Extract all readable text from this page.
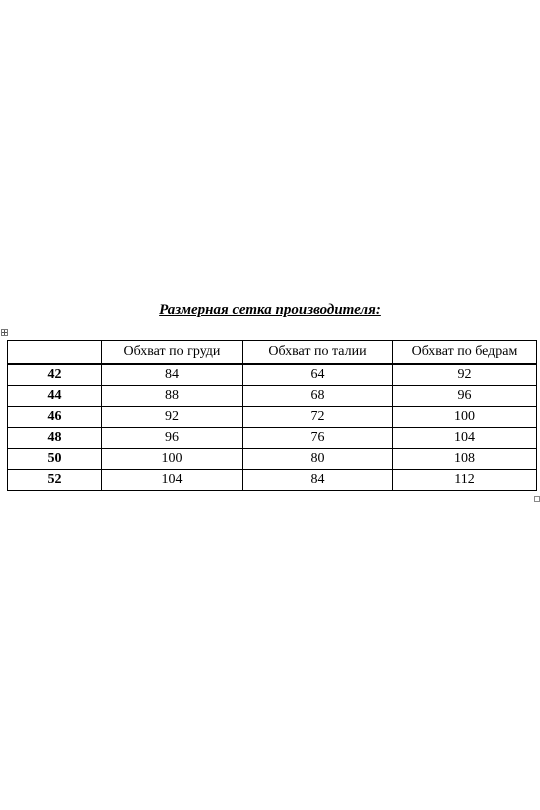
Размерная сетка производителя:
	Обхват по груди	Обхват по талии	Обхват по бедрам
42	84	64	92
44	88	68	96
46	92	72	100
48	96	76	104
50	100	80	108
52	104	84	112
